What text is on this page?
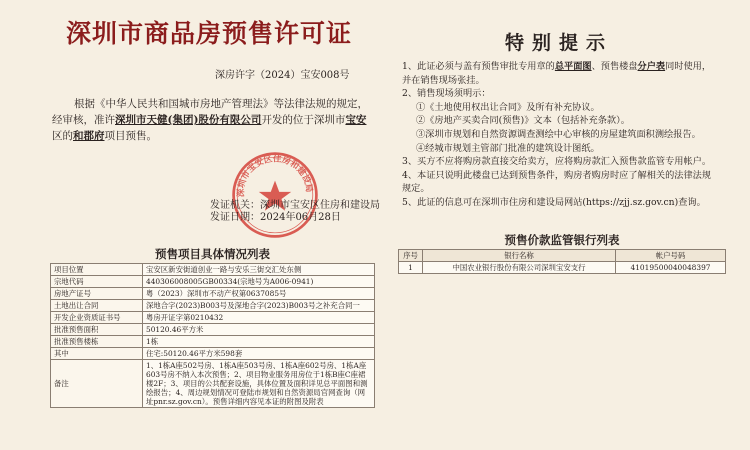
深圳市商品房预售许可证
深房许字（2024）宝安008号
根据《中华人民共和国城市房地产管理法》等法律法规的规定，经审核，准许深圳市天健(集团)股份有限公司开发的位于深圳市宝安区的和郡府项目预售。
深圳市宝安区住房和建设局
发证机关：深圳市宝安区住房和建设局
发证日期：2024年06月28日
预售项目具体情况列表
项目位置	宝安区新安街道创业一路与安乐三街交汇处东侧
宗地代码	440306008005GB00334(宗地号为A006-0941)
房地产证号	粤（2023）深圳市不动产权第0637085号
土地出让合同	深地合字(2023)B003号及深地合字(2023)B003号之补充合同一
开发企业资质证书号	粤房开证字第0210432
批准预售面积	50120.46平方米
批准预售楼栋	1栋
其中	住宅:50120.46平方米598套
备注	1、1栋A座502号房、1栋A座503号房、1栋A座602号房、1栋A座603号房不纳入本次预售；2、项目物业服务用房位于1栋B座C座裙楼2F；3、项目的公共配套设施，具体位置及面积详见总平面图和测绘报告；4、周边规划情况可登陆市规划和自然资源局官网查询（网址pnr.sz.gov.cn）。预售详细内容见本证的附图及附表
特别提示

1、此证必须与盖有预售审批专用章的总平面图、预售楼盘分户表同时使用，并在销售现场张挂。

2、销售现场须明示：

①《土地使用权出让合同》及所有补充协议。

②《房地产买卖合同(预售)》文本（包括补充条款）。

③深圳市规划和自然资源调查测绘中心审核的房屋建筑面积测绘报告。

④经城市规划主管部门批准的建筑设计图纸。

3、买方不应将购房款直接交给卖方，应将购房款汇入预售款监管专用帐户。

4、本证只说明此楼盘已达到预售条件，购房者购房时应了解相关的法律法规规定。

5、此证的信息可在深圳市住房和建设局网站(https://zjj.sz.gov.cn)查询。

预售价款监管银行列表
序号	银行名称	帐户号码
1	中国农业银行股份有限公司深圳宝安支行	41019500040048397
